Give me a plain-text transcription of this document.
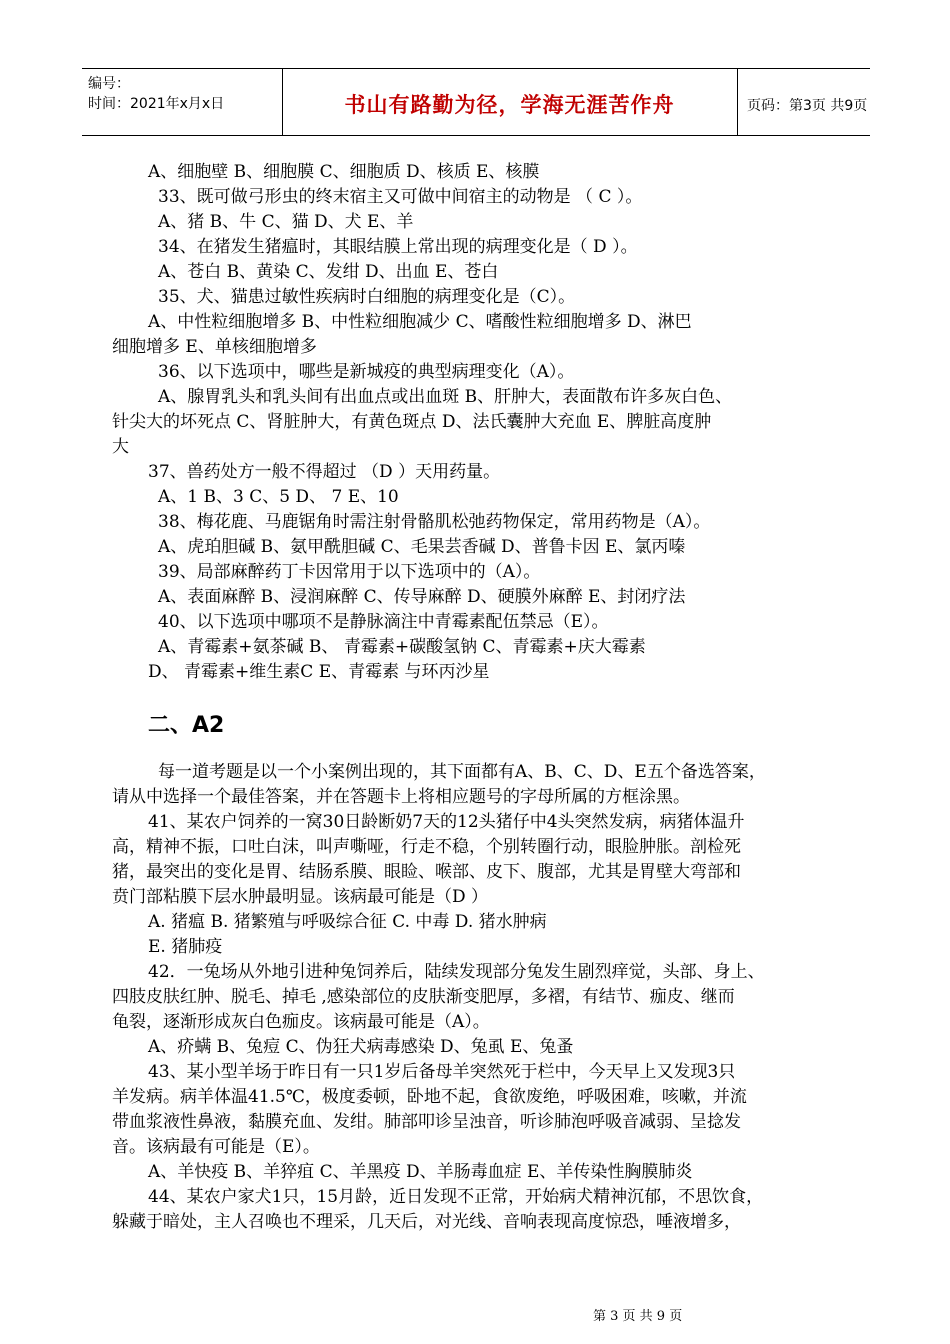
编号：
时间：2021年x月x日	书山有路勤为径，学海无涯苦作舟	页码：第3页 共9页
A、细胞壁 B、细胞膜 C、细胞质 D、核质 E、核膜
33、既可做弓形虫的终末宿主又可做中间宿主的动物是 （ C ）。
A、猪 B、牛 C、猫 D、犬 E、羊
34、在猪发生猪瘟时，其眼结膜上常出现的病理变化是（ D ）。
A、苍白 B、黄染 C、发绀 D、出血 E、苍白
35、犬、猫患过敏性疾病时白细胞的病理变化是（C）。
A、中性粒细胞增多 B、中性粒细胞减少 C、嗜酸性粒细胞增多 D、淋巴
细胞增多 E、单核细胞增多
36、以下选项中，哪些是新城疫的典型病理变化（A）。
A、腺胃乳头和乳头间有出血点或出血斑 B、肝肿大，表面散布许多灰白色、
针尖大的坏死点 C、肾脏肿大，有黄色斑点 D、法氏囊肿大充血 E、脾脏高度肿
大
37、兽药处方一般不得超过 （D ）天用药量。
A、1 B、3 C、5 D、 7 E、10
38、梅花鹿、马鹿锯角时需注射骨骼肌松弛药物保定，常用药物是（A）。
A、虎珀胆碱 B、氨甲酰胆碱 C、毛果芸香碱 D、普鲁卡因 E、氯丙嗪
39、局部麻醉药丁卡因常用于以下选项中的（A）。
A、表面麻醉 B、浸润麻醉 C、传导麻醉 D、硬膜外麻醉 E、封闭疗法
40、以下选项中哪项不是静脉滴注中青霉素配伍禁忌（E）。
A、青霉素+氨茶碱 B、 青霉素+碳酸氢钠 C、青霉素+庆大霉素
D、 青霉素+维生素C E、青霉素 与环丙沙星
二、A2
每一道考题是以一个小案例出现的，其下面都有A、B、C、D、E五个备选答案，
请从中选择一个最佳答案，并在答题卡上将相应题号的字母所属的方框涂黑。
41、某农户饲养的一窝30日龄断奶7天的12头猪仔中4头突然发病，病猪体温升
高，精神不振，口吐白沫，叫声嘶哑，行走不稳，个别转圈行动，眼脸肿胀。剖检死
猪，最突出的变化是胃、结肠系膜、眼睑、喉部、皮下、腹部，尤其是胃壁大弯部和
贲门部粘膜下层水肿最明显。该病最可能是（D ）
A. 猪瘟 B. 猪繁殖与呼吸综合征 C. 中毒 D. 猪水肿病
E. 猪肺疫
42．一兔场从外地引进种兔饲养后，陆续发现部分兔发生剧烈痒觉，头部、身上、
四肢皮肤红肿、脱毛、掉毛 ,感染部位的皮肤渐变肥厚，多褶，有结节、痂皮、继而
龟裂，逐渐形成灰白色痂皮。该病最可能是（A）。
A、疥螨 B、兔痘 C、伪狂犬病毒感染 D、兔虱 E、兔蚤
43、某小型羊场于昨日有一只1岁后备母羊突然死于栏中，今天早上又发现3只
羊发病。病羊体温41.5℃，极度委顿，卧地不起，食欲废绝，呼吸困难，咳嗽，并流
带血浆液性鼻液，黏膜充血、发绀。肺部叩诊呈浊音，听诊肺泡呼吸音减弱、呈捻发
音。该病最有可能是（E）。
A、羊快疫 B、羊猝疽 C、羊黑疫 D、羊肠毒血症 E、羊传染性胸膜肺炎
44、某农户家犬1只，15月龄，近日发现不正常，开始病犬精神沉郁，不思饮食，
躲藏于暗处，主人召唤也不理采，几天后，对光线、音响表现高度惊恐，唾液增多，
第 3 页 共 9 页
